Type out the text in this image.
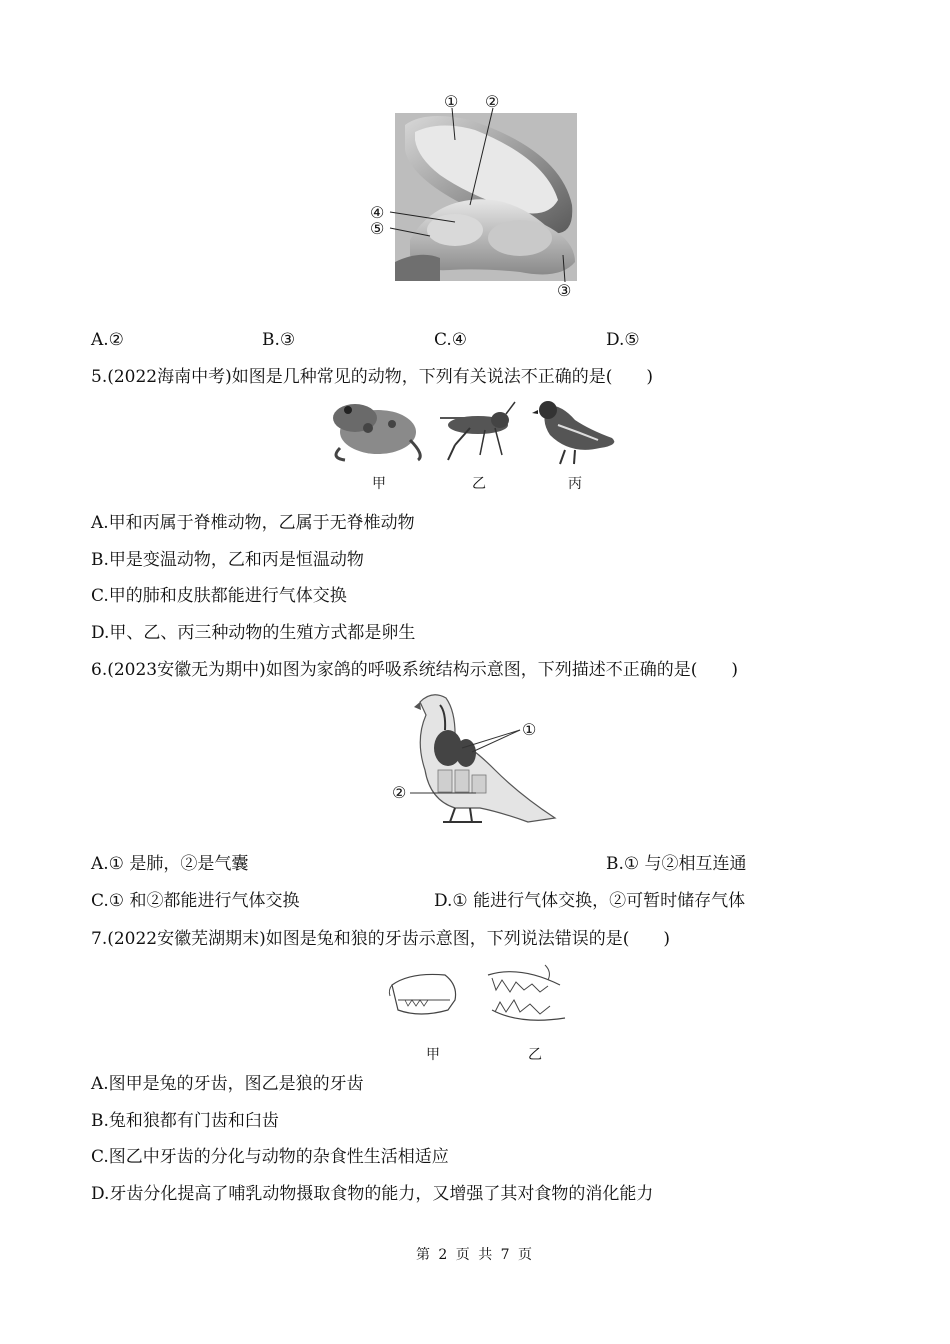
① ②
③
④
⑤
A.②	B.③	C.④	D.⑤
5.(2022海南中考)如图是几种常见的动物，下列有关说法不正确的是(　　)
甲	乙	丙
A.甲和丙属于脊椎动物，乙属于无脊椎动物
B.甲是变温动物，乙和丙是恒温动物
C.甲的肺和皮肤都能进行气体交换
D.甲、乙、丙三种动物的生殖方式都是卵生
6.(2023安徽无为期中)如图为家鸽的呼吸系统结构示意图，下列描述不正确的是(　　)
①
②
A.① 是肺，②是气囊	B.① 与②相互连通
C.① 和②都能进行气体交换	D.① 能进行气体交换，②可暂时储存气体
7.(2022安徽芜湖期末)如图是兔和狼的牙齿示意图，下列说法错误的是(　　)
甲	乙
A.图甲是兔的牙齿，图乙是狼的牙齿
B.兔和狼都有门齿和臼齿
C.图乙中牙齿的分化与动物的杂食性生活相适应
D.牙齿分化提高了哺乳动物摄取食物的能力，又增强了其对食物的消化能力
第 2 页 共 7 页
